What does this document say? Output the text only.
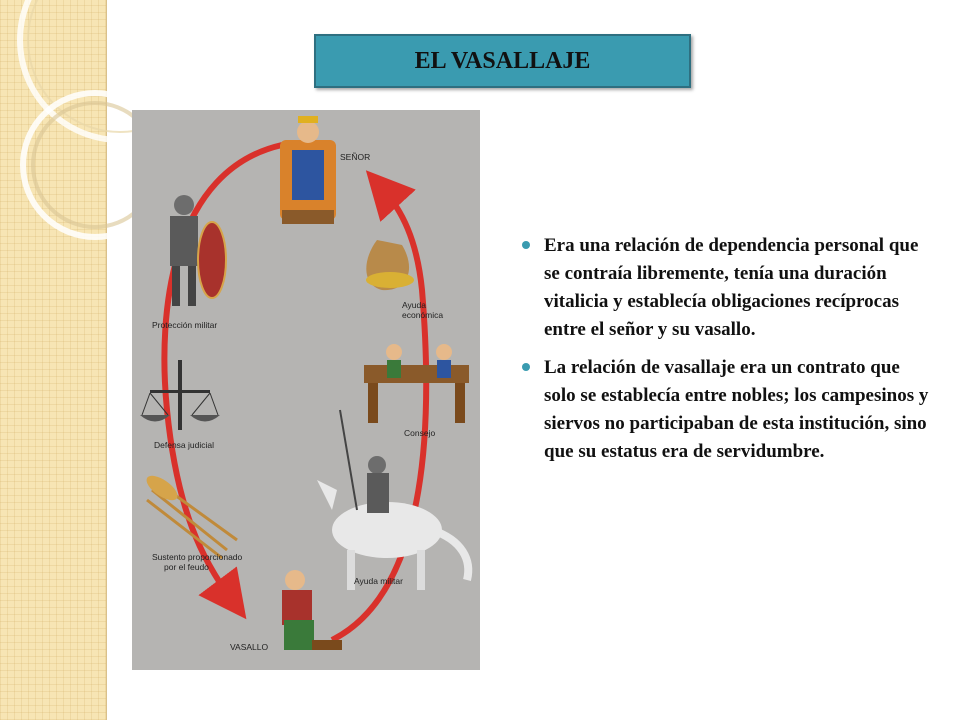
EL VASALLAJE
SEÑOR
Ayuda
económica
Consejo
Ayuda militar
VASALLO
Sustento proporcionado
por el feudo
Defensa judicial
Protección militar
Era una relación de dependencia personal que se contraía libremente, tenía una duración vitalicia y establecía obligaciones recíprocas entre el señor y su vasallo.
La relación de vasallaje era un contrato que solo se establecía entre nobles; los campesinos y siervos no participaban de esta institución, sino que su estatus era de servidumbre.
